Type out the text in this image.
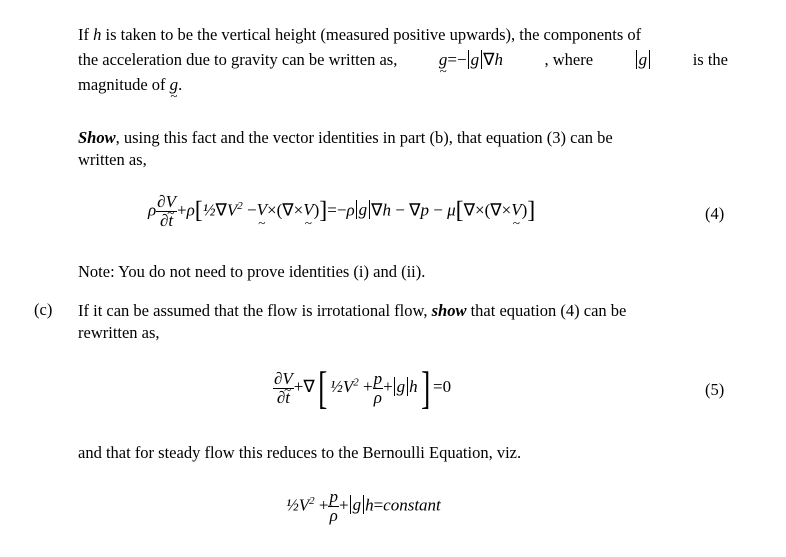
If h is taken to be the vertical height (measured positive upwards), the components of
the acceleration due to gravity can be written as, g ~=− g ∇h	, where	g	is the
magnitude of g ~.
Show, using this fact and the vector identities in part (b), that equation (3) can be
written as,
ρ $\frac{\partial V \sim}{\partial t}$ $+\rho[\frac{1}{2}\nabla V^2 -V$ ~×(∇×V ~)]=−ρ g ∇h − ∇p − μ[∇×(∇×V ~)]	(4)
Note: You do not need to prove identities (i) and (ii).
(c) If it can be assumed that the flow is irrotational flow, show that equation (4) can be
rewritten as,
$\frac{\partial V \sim}{\partial t}$ +∇[ $\frac{1}{2}V^2 + \frac{p}{\rho} + g$ h] =0	(5)
and that for steady flow this reduces to the Bernoulli Equation, viz.
$\frac{1}{2}V^2 + \frac{p}{\rho} + g$ h=constant
